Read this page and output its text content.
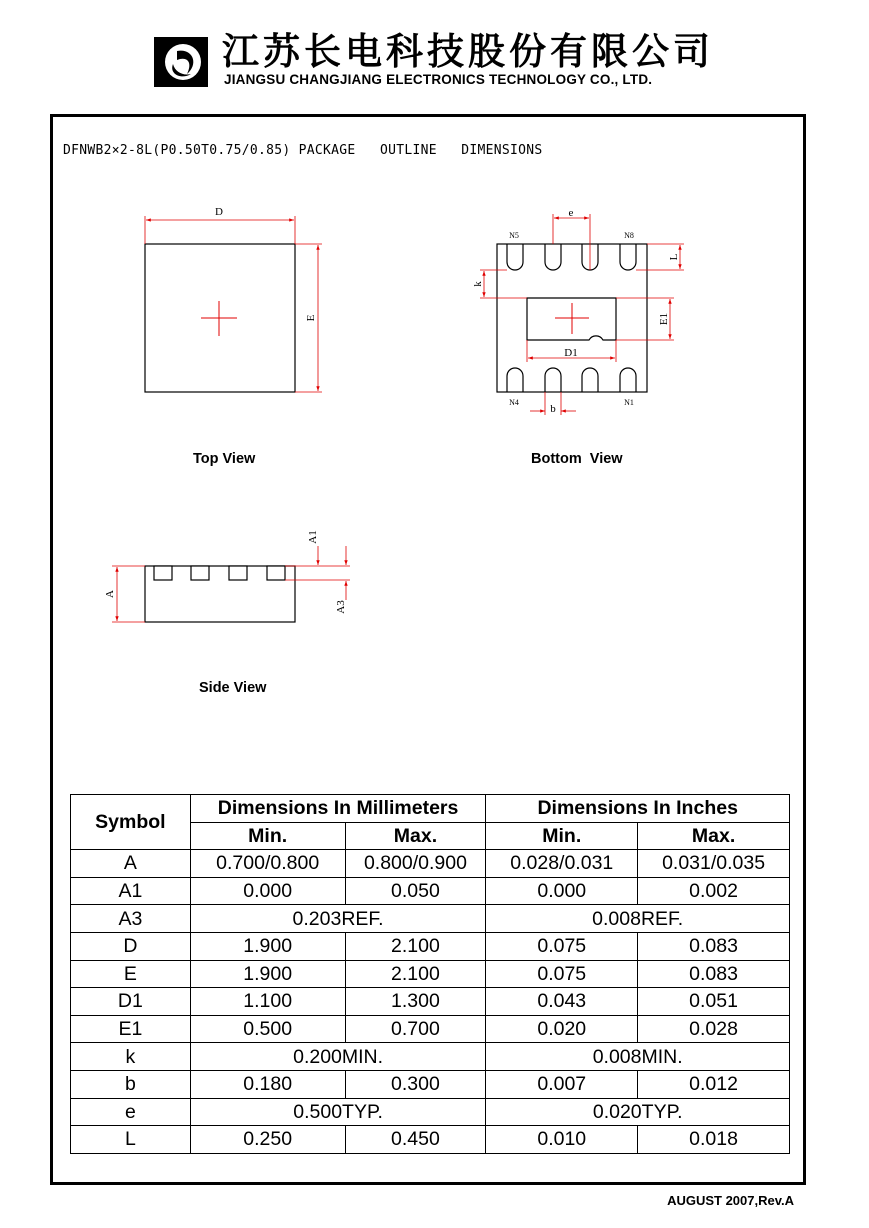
江苏长电科技股份有限公司
JIANGSU CHANGJIANG ELECTRONICS TECHNOLOGY CO., LTD.
DFNWB2×2-8L(P0.50T0.75/0.85) PACKAGE   OUTLINE   DIMENSIONS
D
E
e
N5	N8
N4	N1
L
k
E1
D1
b
A
A1
A3
Top View	Bottom  View
Side View
Symbol	Dimensions In Millimeters		Dimensions In Inches	
	Min.	Max.	Min.	Max.
A	0.700/0.800	0.800/0.900	0.028/0.031	0.031/0.035
A1	0.000	0.050	0.000	0.002
A3	0.203REF.		0.008REF.	
D	1.900	2.100	0.075	0.083
E	1.900	2.100	0.075	0.083
D1	1.100	1.300	0.043	0.051
E1	0.500	0.700	0.020	0.028
k	0.200MIN.		0.008MIN.	
b	0.180	0.300	0.007	0.012
e	0.500TYP.		0.020TYP.	
L	0.250	0.450	0.010	0.018
AUGUST 2007,Rev.A
